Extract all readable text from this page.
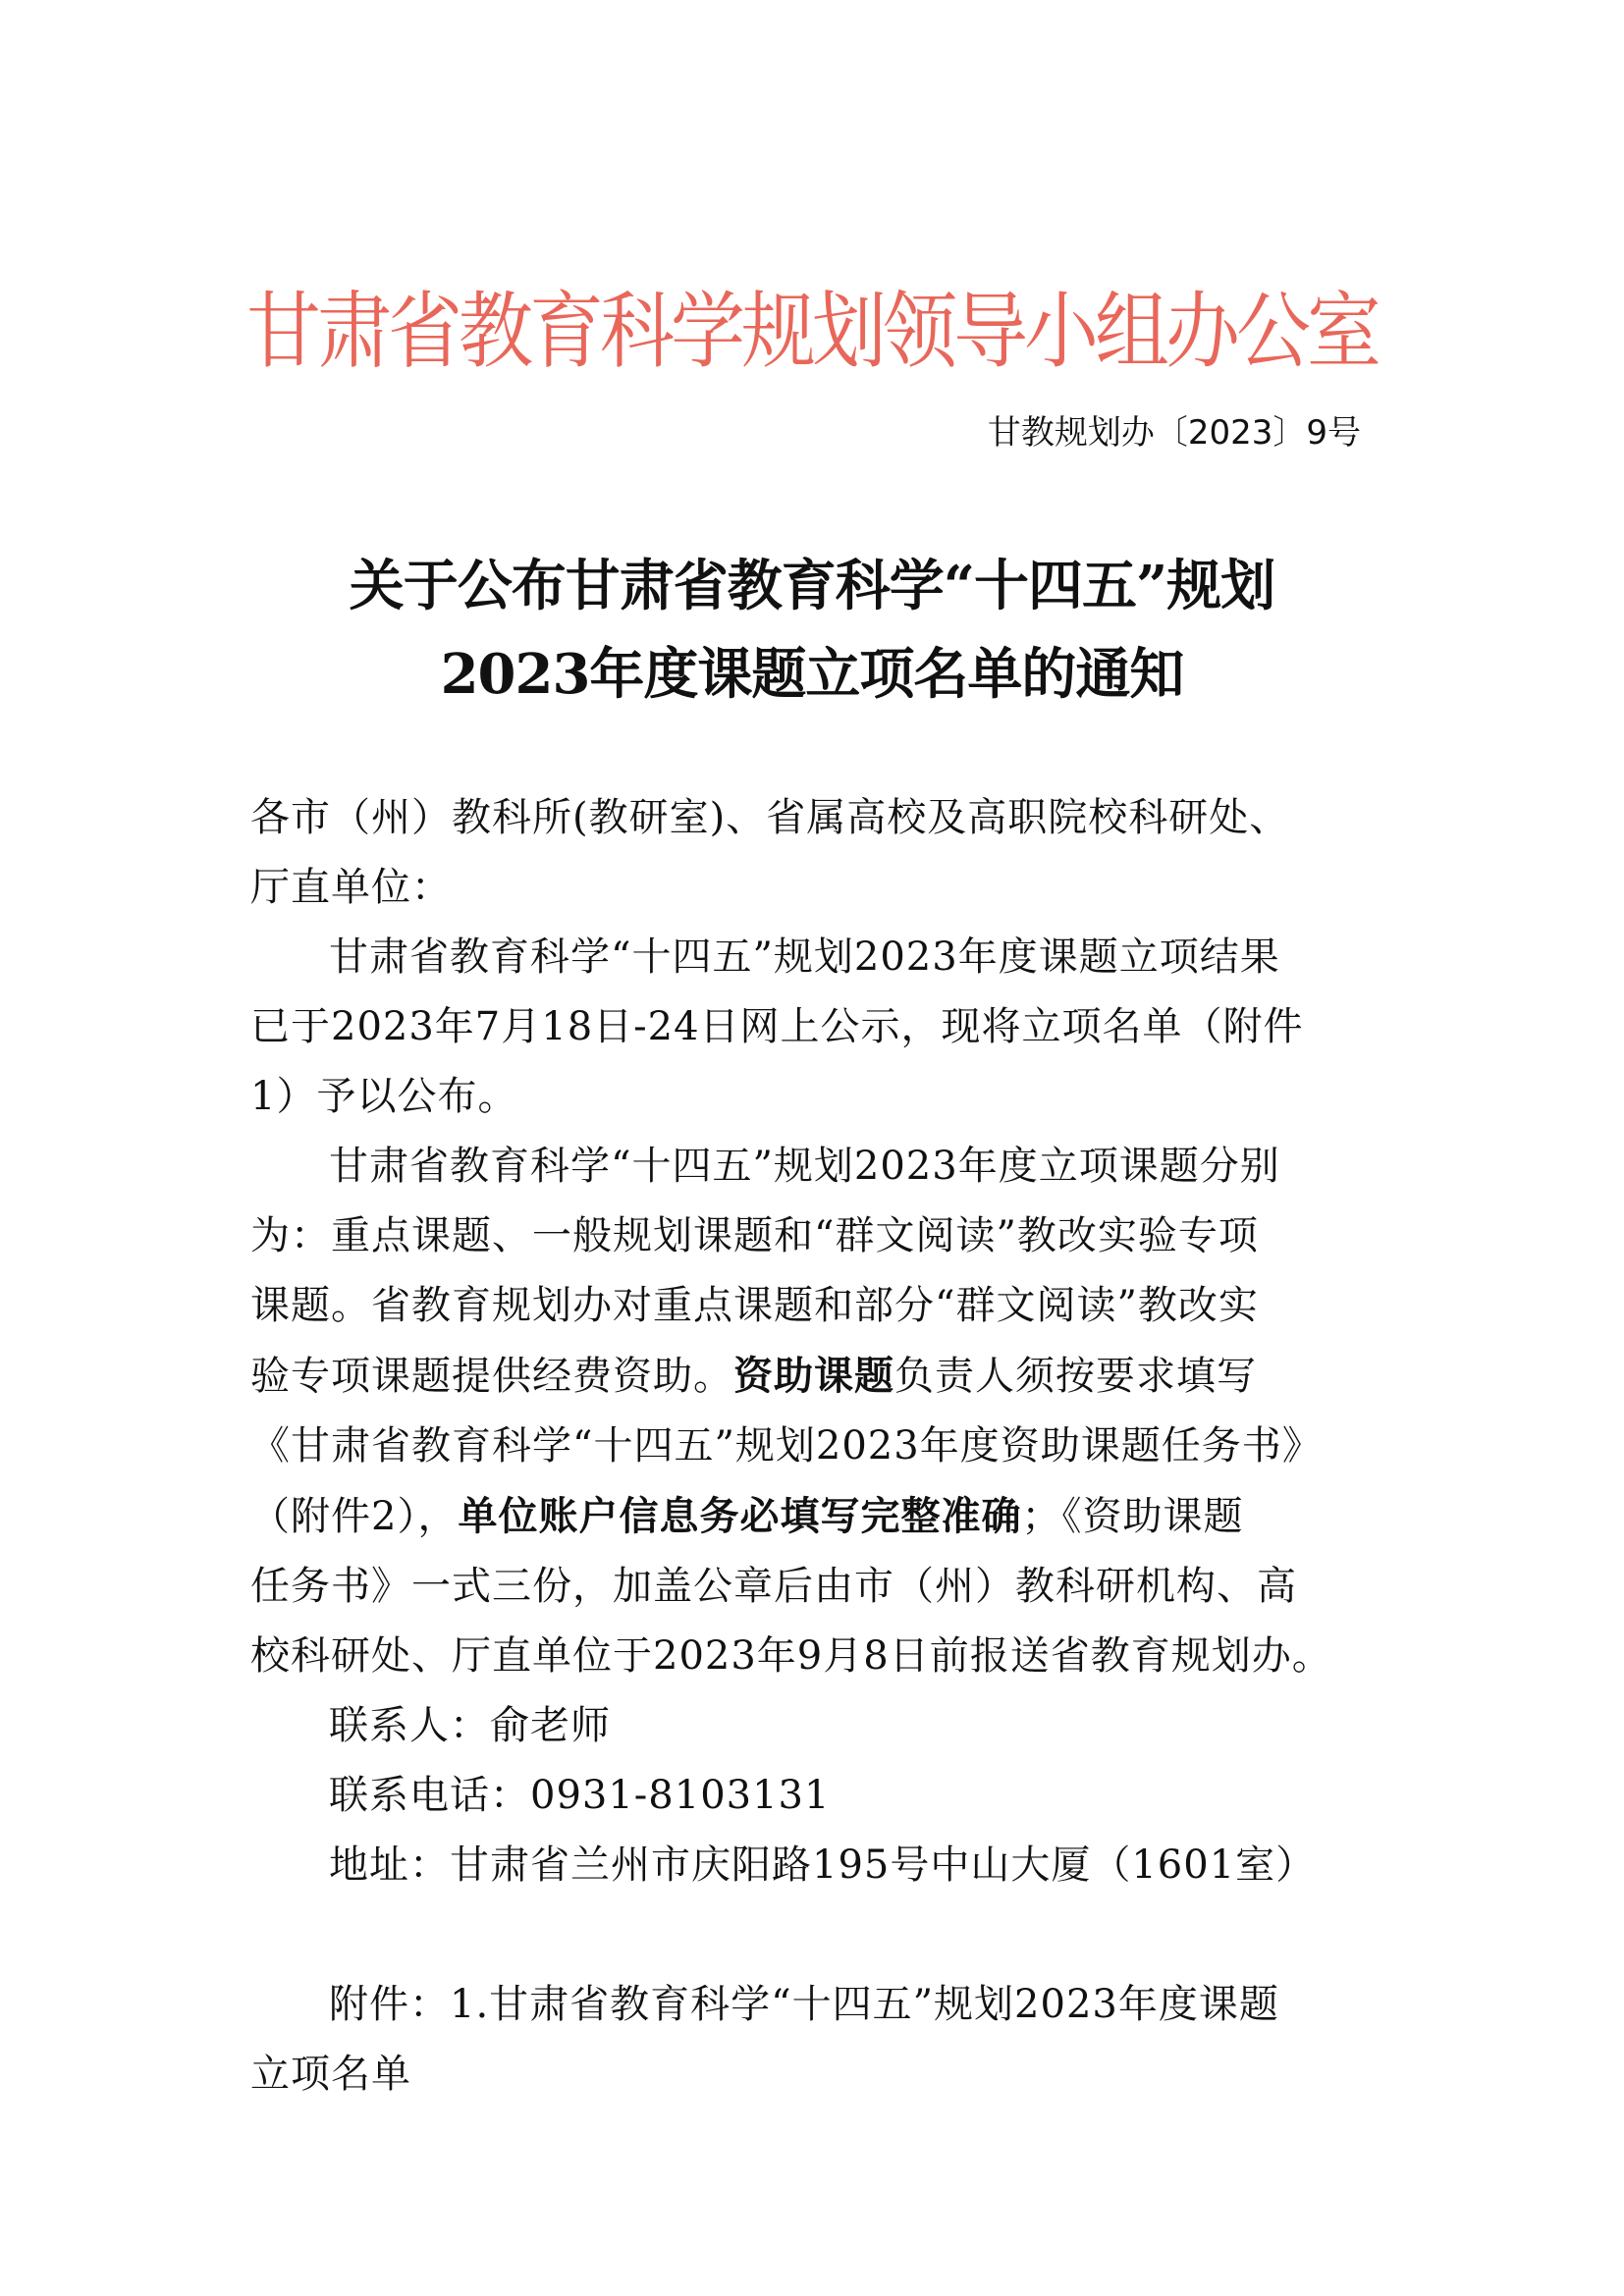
甘肃省教育科学规划领导小组办公室
甘教规划办〔2023〕9号
关于公布甘肃省教育科学“十四五”规划
2023年度课题立项名单的通知

各市（州）教科所(教研室)、省属高校及高职院校科研处、
厅直单位：

甘肃省教育科学“十四五”规划2023年度课题立项结果
已于2023年7月18日-24日网上公示，现将立项名单（附件
1）予以公布。

甘肃省教育科学“十四五”规划2023年度立项课题分别
为：重点课题、一般规划课题和“群文阅读”教改实验专项
课题。省教育规划办对重点课题和部分“群文阅读”教改实
验专项课题提供经费资助。资助课题负责人须按要求填写
《甘肃省教育科学“十四五”规划2023年度资助课题任务书》
（附件2），单位账户信息务必填写完整准确；《资助课题
任务书》一式三份，加盖公章后由市（州）教科研机构、高
校科研处、厅直单位于2023年9月8日前报送省教育规划办。

联系人：俞老师
联系电话：0931-8103131
地址：甘肃省兰州市庆阳路195号中山大厦（1601室）

附件：1.甘肃省教育科学“十四五”规划2023年度课题
立项名单
